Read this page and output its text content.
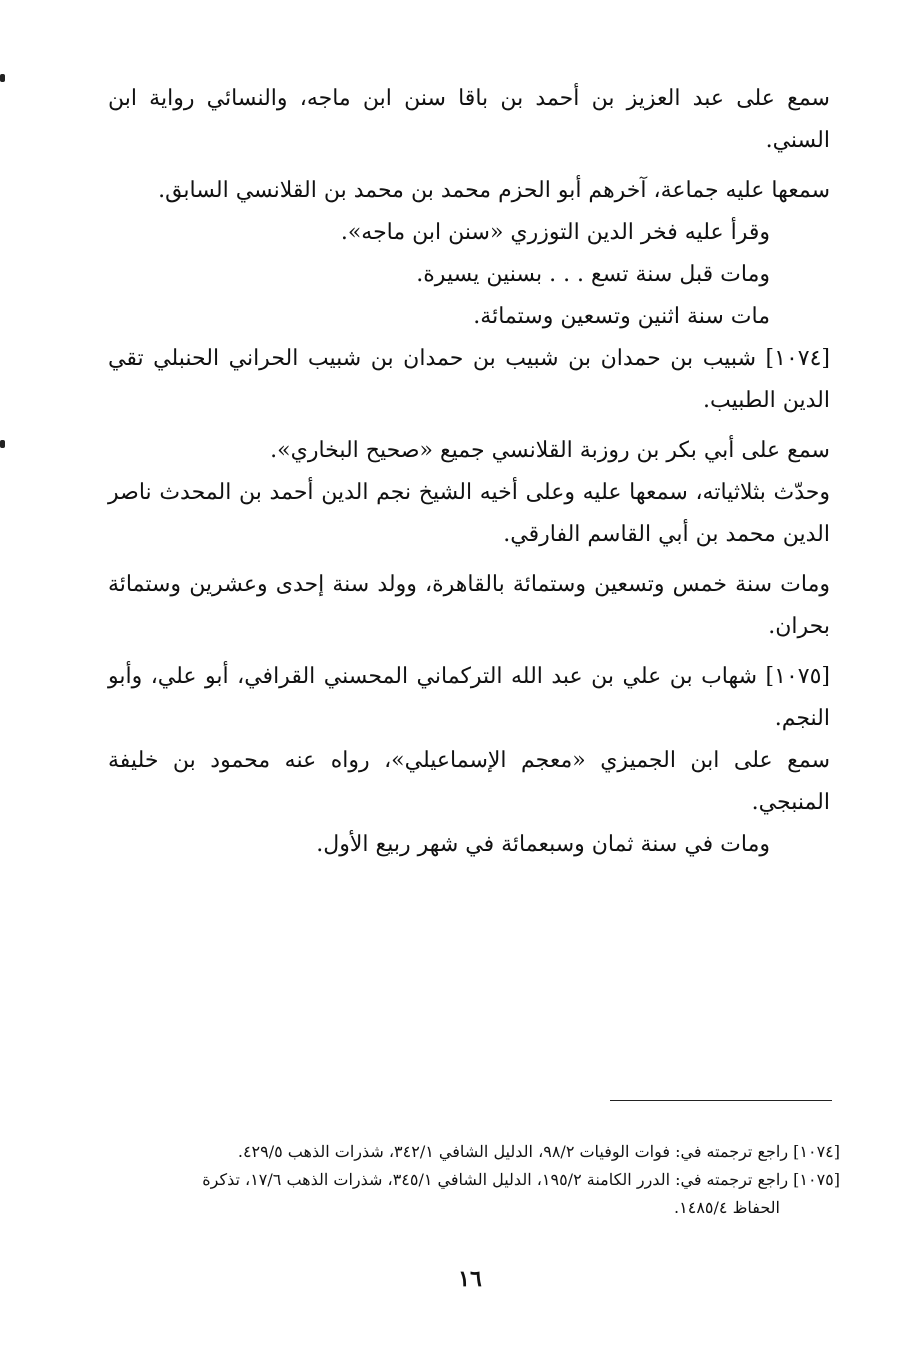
سمع على عبد العزيز بن أحمد بن باقا سنن ابن ماجه، والنسائي رواية ابن السني.

سمعها عليه جماعة، آخرهم أبو الحزم محمد بن محمد بن القلانسي السابق.

وقرأ عليه فخر الدين التوزري «سنن ابن ماجه».

ومات قبل سنة تسع . . . بسنين يسيرة.

مات سنة اثنين وتسعين وستمائة.

[١٠٧٤] شبيب بن حمدان بن شبيب بن حمدان بن شبيب الحراني الحنبلي تقي الدين الطبيب.

سمع على أبي بكر بن روزبة القلانسي جميع «صحيح البخاري».

وحدّث بثلاثياته، سمعها عليه وعلى أخيه الشيخ نجم الدين أحمد بن المحدث ناصر الدين محمد بن أبي القاسم الفارقي.

ومات سنة خمس وتسعين وستمائة بالقاهرة، وولد سنة إحدى وعشرين وستمائة بحران.

[١٠٧٥] شهاب بن علي بن عبد الله التركماني المحسني القرافي، أبو علي، وأبو النجم.

سمع على ابن الجميزي «معجم الإسماعيلي»، رواه عنه محمود بن خليفة المنبجي.

ومات في سنة ثمان وسبعمائة في شهر ربيع الأول.

[١٠٧٤] راجع ترجمته في: فوات الوفيات ٩٨/٢، الدليل الشافي ٣٤٢/١، شذرات الذهب ٤٢٩/٥.

[١٠٧٥] راجع ترجمته في: الدرر الكامنة ١٩٥/٢، الدليل الشافي ٣٤٥/١، شذرات الذهب ١٧/٦، تذكرة

الحفاظ ١٤٨٥/٤.

١٦
